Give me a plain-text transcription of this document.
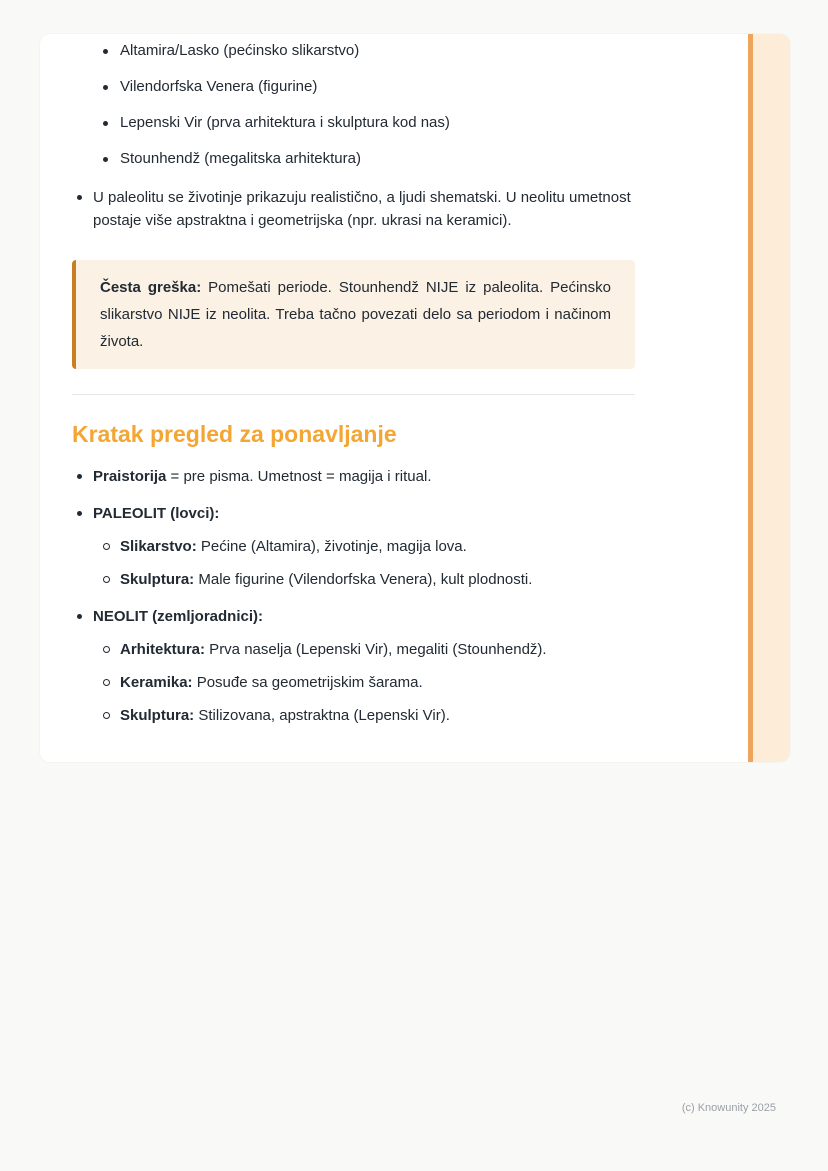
Altamira/Lasko (pećinsko slikarstvo)
Vilendorfska Venera (figurine)
Lepenski Vir (prva arhitektura i skulptura kod nas)
Stounhendž (megalitska arhitektura)
U paleolitu se životinje prikazuju realistično, a ljudi shematski. U neolitu umetnost postaje više apstraktna i geometrijska (npr. ukrasi na keramici).
Česta greška: Pomešati periode. Stounhendž NIJE iz paleolita. Pećinsko slikarstvo NIJE iz neolita. Treba tačno povezati delo sa periodom i načinom života.
Kratak pregled za ponavljanje
Praistorija = pre pisma. Umetnost = magija i ritual.
PALEOLIT (lovci):
Slikarstvo: Pećine (Altamira), životinje, magija lova.
Skulptura: Male figurine (Vilendorfska Venera), kult plodnosti.
NEOLIT (zemljoradnici):
Arhitektura: Prva naselja (Lepenski Vir), megaliti (Stounhendž).
Keramika: Posuđe sa geometrijskim šarama.
Skulptura: Stilizovana, apstraktna (Lepenski Vir).
(c) Knowunity 2025
